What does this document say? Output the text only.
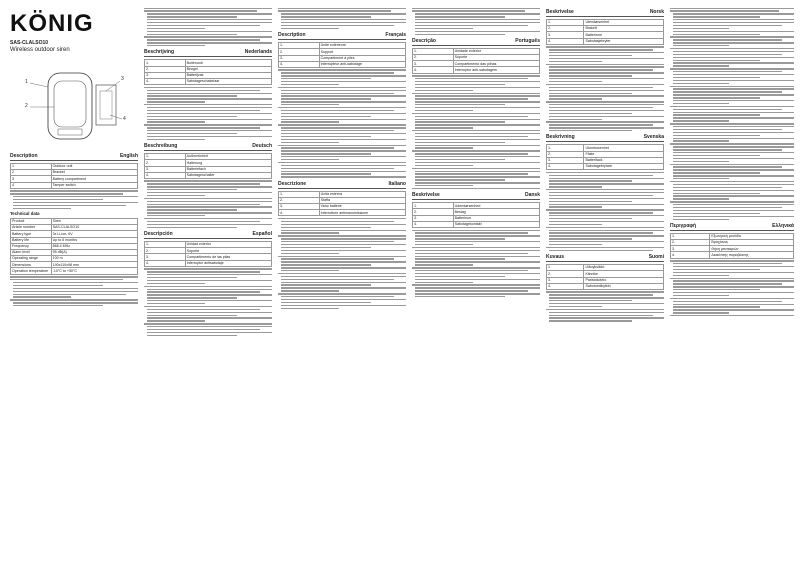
KÖNIG
SAS-CLALSO10
Wireless outdoor siren
1
2
3
4
Description	English
1	Outdoor unit
2	Bracket
3	Battery compartment
4	Tamper switch
Technical data
Product	Siren
Article number	SAS-CLALSO10
Battery type	3x Li-ion, 6V
Battery life	Up to 6 months
Frequency	868.4 MHz
Alarm level	95 dB(A)
Operating range	100 m
Dimensions	190x110x98 mm
Operation temperature	-10°C to +50°C
Beschrijving	Nederlands
1.	Buitenunit
2.	Beugel
3.	Batterijvak
4.	Sabotageschakelaar
Beschreibung	Deutsch
1.	Außeneinheit
2.	Halterung
3.	Batteriefach
4.	Sabotageschalter
Descripción	Español
1.	Unidad exterior
2.	Soporte
3.	Compartimento de las pilas
4.	Interruptor antisabotaje
Description	Français
1.	Unité extérieure
2.	Support
3.	Compartiment à piles
4.	Interrupteur anti-sabotage
Descrizione	Italiano
1.	Unità esterna
2.	Staffa
3.	Vano batterie
4.	Interruttore antimanomissione
Descrição	Português
1.	Unidade exterior
2.	Suporte
3.	Compartimento das pilhas
4.	Interruptor anti-sabotagem
Beskrivelse	Dansk
1.	Udendørsenhed
2.	Beslag
3.	Batterirum
4.	Sabotagekontakt
Beskrivelse	Norsk
1.	Utendørsenhet
2.	Brakett
3.	Batterirom
4.	Sabotasjebryter
Beskrivning	Svenska
1.	Utomhusenhet
2.	Fäste
3.	Batterifack
4.	Sabotagebrytare
Kuvaus	Suomi
1.	Ulkoyksikkö
2.	Kiinnike
3.	Paristokotelo
4.	Sabotointikytkin
Περιγραφή	Ελληνικά
1.	Εξωτερική μονάδα
2.	Βραχίονας
3.	Θήκη μπαταριών
4.	Διακόπτης παραβίασης
